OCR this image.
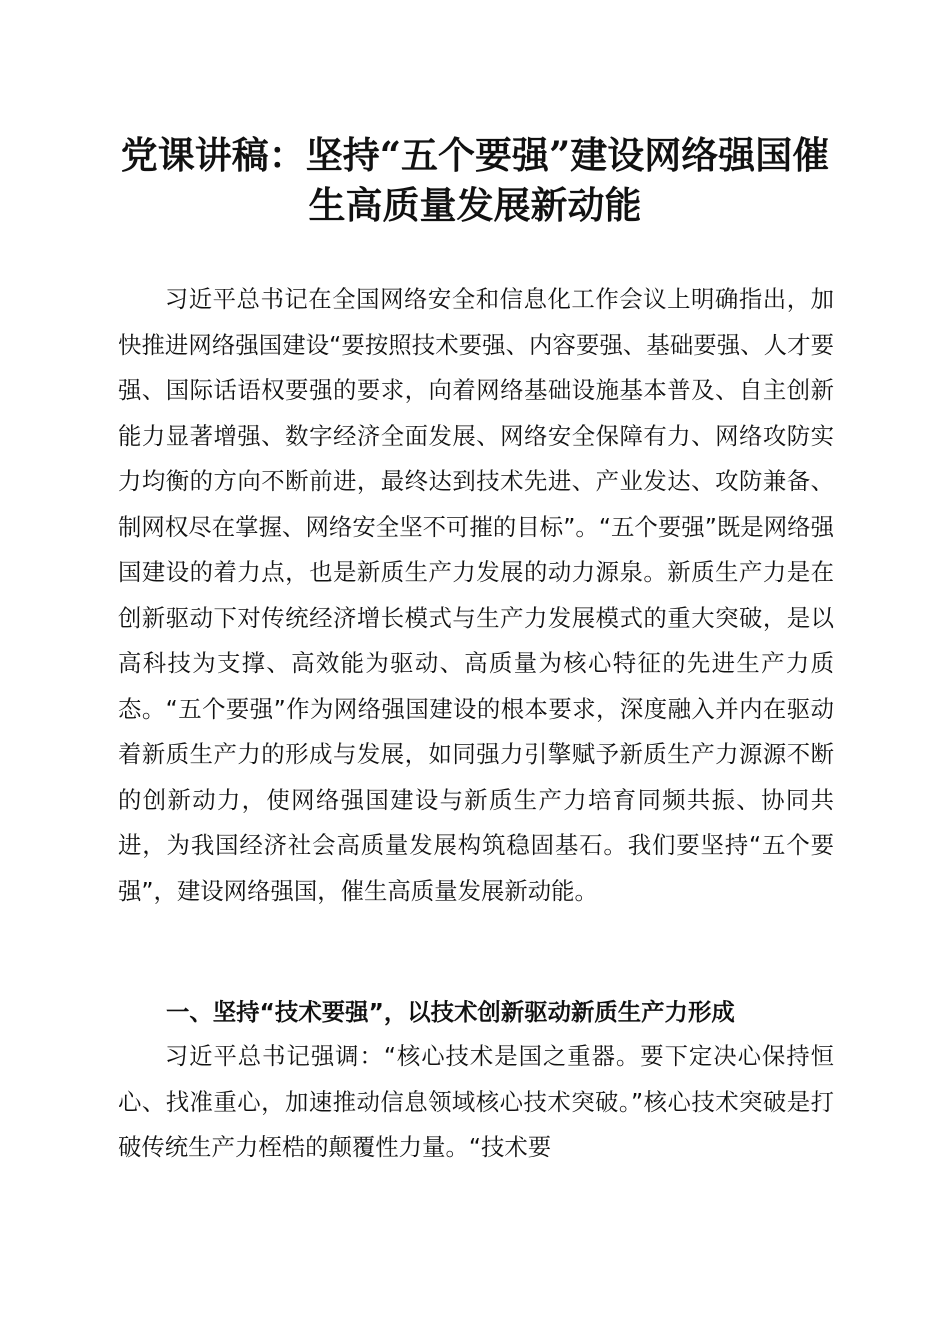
党课讲稿：坚持“五个要强”建设网络强国催
生高质量发展新动能

习近平总书记在全国网络安全和信息化工作会议上明确指出，加快推进网络强国建设“要按照技术要强、内容要强、基础要强、人才要强、国际话语权要强的要求，向着网络基础设施基本普及、自主创新能力显著增强、数字经济全面发展、网络安全保障有力、网络攻防实力均衡的方向不断前进，最终达到技术先进、产业发达、攻防兼备、制网权尽在掌握、网络安全坚不可摧的目标”。“五个要强”既是网络强国建设的着力点，也是新质生产力发展的动力源泉。新质生产力是在创新驱动下对传统经济增长模式与生产力发展模式的重大突破，是以高科技为支撑、高效能为驱动、高质量为核心特征的先进生产力质态。“五个要强”作为网络强国建设的根本要求，深度融入并内在驱动着新质生产力的形成与发展，如同强力引擎赋予新质生产力源源不断的创新动力，使网络强国建设与新质生产力培育同频共振、协同共进，为我国经济社会高质量发展构筑稳固基石。我们要坚持“五个要强”，建设网络强国，催生高质量发展新动能。

一、坚持“技术要强”，以技术创新驱动新质生产力形成

习近平总书记强调：“核心技术是国之重器。要下定决心保持恒心、找准重心，加速推动信息领域核心技术突破。”核心技术突破是打破传统生产力桎梏的颠覆性力量。“技术要
